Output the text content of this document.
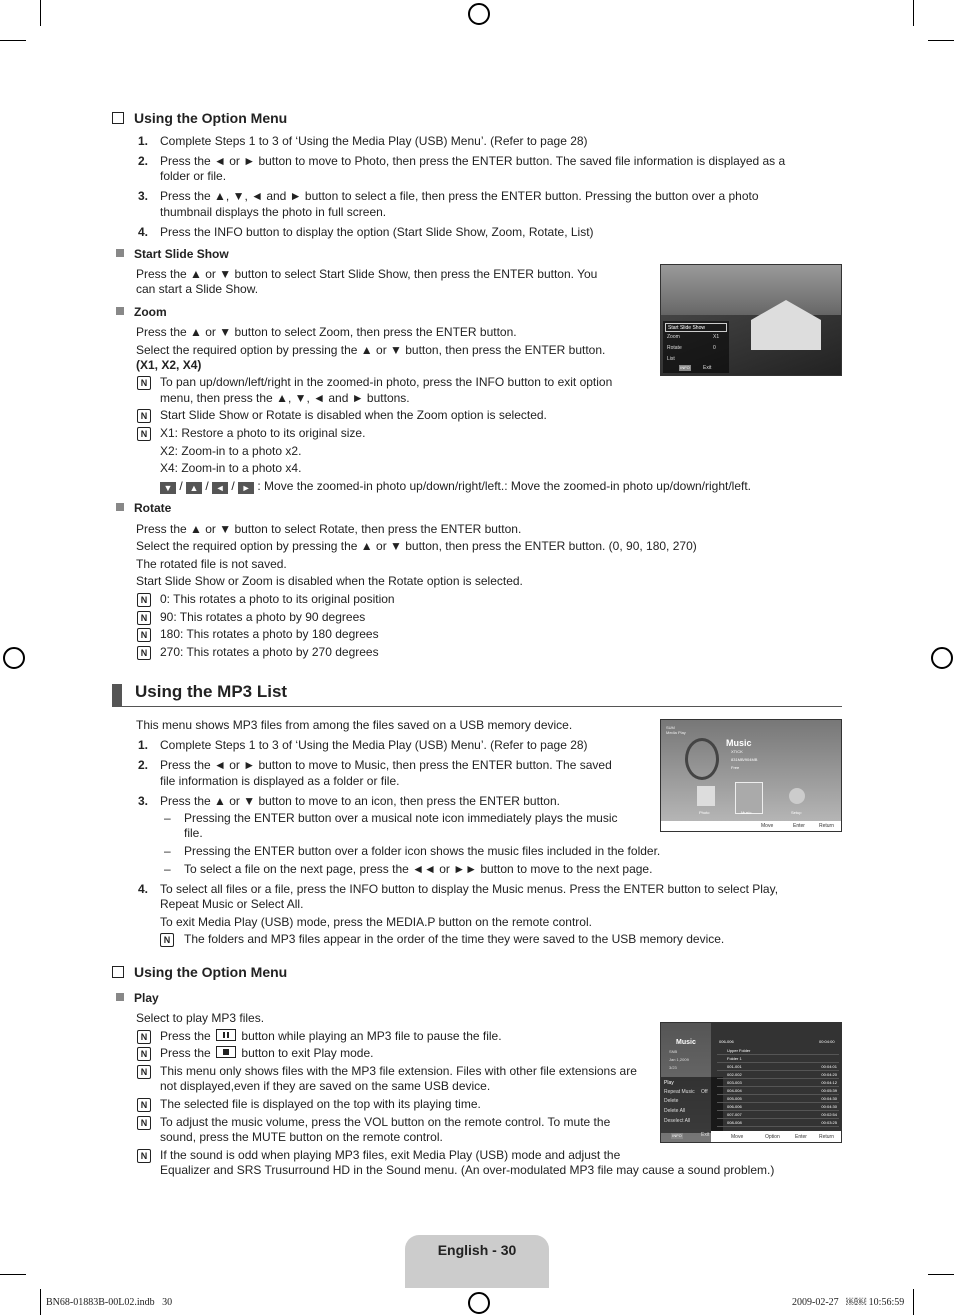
Using the Option Menu
1. Complete Steps 1 to 3 of ‘Using the Media Play (USB) Menu’. (Refer to page 28)
2. Press the ◄ or ► button to move to Photo, then press the ENTER button. The saved file information is displayed as a
folder or file.
3. Press the ▲, ▼, ◄ and ► button to select a file, then press the ENTER button. Pressing the button over a photo
thumbnail displays the photo in full screen.
4. Press the INFO button to display the option (Start Slide Show, Zoom, Rotate, List)
Start Slide Show
Press the ▲ or ▼ button to select Start Slide Show, then press the ENTER button. You
can start a Slide Show.
Zoom
Press the ▲ or ▼ button to select Zoom, then press the ENTER button.
Select the required option by pressing the ▲ or ▼ button, then press the ENTER button.
(X1, X2, X4)
N	To pan up/down/left/right in the zoomed-in photo, press the INFO button to exit option
menu, then press the ▲, ▼, ◄ and ► buttons.
N	Start Slide Show or Rotate is disabled when the Zoom option is selected.
N	X1: Restore a photo to its original size.
X2: Zoom-in to a photo x2.
X4: Zoom-in to a photo x4.
▼ / ▲ / ◄ / ► : Move the zoomed-in photo up/down/right/left.: Move the zoomed-in photo up/down/right/left.
Rotate
Press the ▲ or ▼ button to select Rotate, then press the ENTER button.
Select the required option by pressing the ▲ or ▼ button, then press the ENTER button. (0, 90, 180, 270)
The rotated file is not saved.
Start Slide Show or Zoom is disabled when the Rotate option is selected.
N	0: This rotates a photo to its original position
N	90: This rotates a photo by 90 degrees
N	180: This rotates a photo by 180 degrees
N	270: This rotates a photo by 270 degrees
Start Slide Show
Zoom	X1
Rotate	0
List
INFO	Exit
Using the MP3 List
This menu shows MP3 files from among the files saved on a USB memory device.
1. Complete Steps 1 to 3 of ‘Using the Media Play (USB) Menu’. (Refer to page 28)
2. Press the ◄ or ► button to move to Music, then press the ENTER button. The saved
file information is displayed as a folder or file.
3. Press the ▲ or ▼ button to move to an icon, then press the ENTER button.
– Pressing the ENTER button over a musical note icon immediately plays the music
file.
– Pressing the ENTER button over a folder icon shows the music files included in the folder.
– To select a file on the next page, press the ◄◄ or ►► button to move to the next page.
4. To select all files or a file, press the INFO button to display the Music menus. Press the ENTER button to select Play,
Repeat Music or Select All.
To exit Media Play (USB) mode, press the MEDIA.P button on the remote control.
N	The folders and MP3 files appear in the order of the time they were saved to the USB memory device.
SUM
Media Play
Music
XTICK
831MB/904MB
Free
Photo	Music	Setup
Move	Enter	Return
Using the Option Menu
Play
Select to play MP3 files.
N	Press the	button while playing an MP3 file to pause the file.
N	Press the	button to exit Play mode.
N	This menu only shows files with the MP3 file extension. Files with other file extensions are
not displayed,even if they are saved on the same USB device.
N	The selected file is displayed on the top with its playing time.
N	To adjust the music volume, press the VOL button on the remote control. To mute the
sound, press the MUTE button on the remote control.
N	If the sound is odd when playing MP3 files, exit Media Play (USB) mode and adjust the
Equalizer and SRS Trusurround HD in the Sound menu. (An over-modulated MP3 file may cause a sound problem.)
Music
SNB
Jan 1,2009
3/23
Play
Repeat Music Off
Delete
Delete All
Deselect All
INFO	Exit
006-006	00:04:00
Upper Folder
Folder 1
001-001	00:04:01
002-002	00:04:20
003-003	00:04:12
004-004	00:05:39
005-005	00:04:30
006-006	00:04:30
007-007	00:02:54
008-008	00:03:25
Move	Option	Enter Return
English - 30
BN68-01883B-00L02.indb   30	2009-02-27   ￼￼ 10:56:59
